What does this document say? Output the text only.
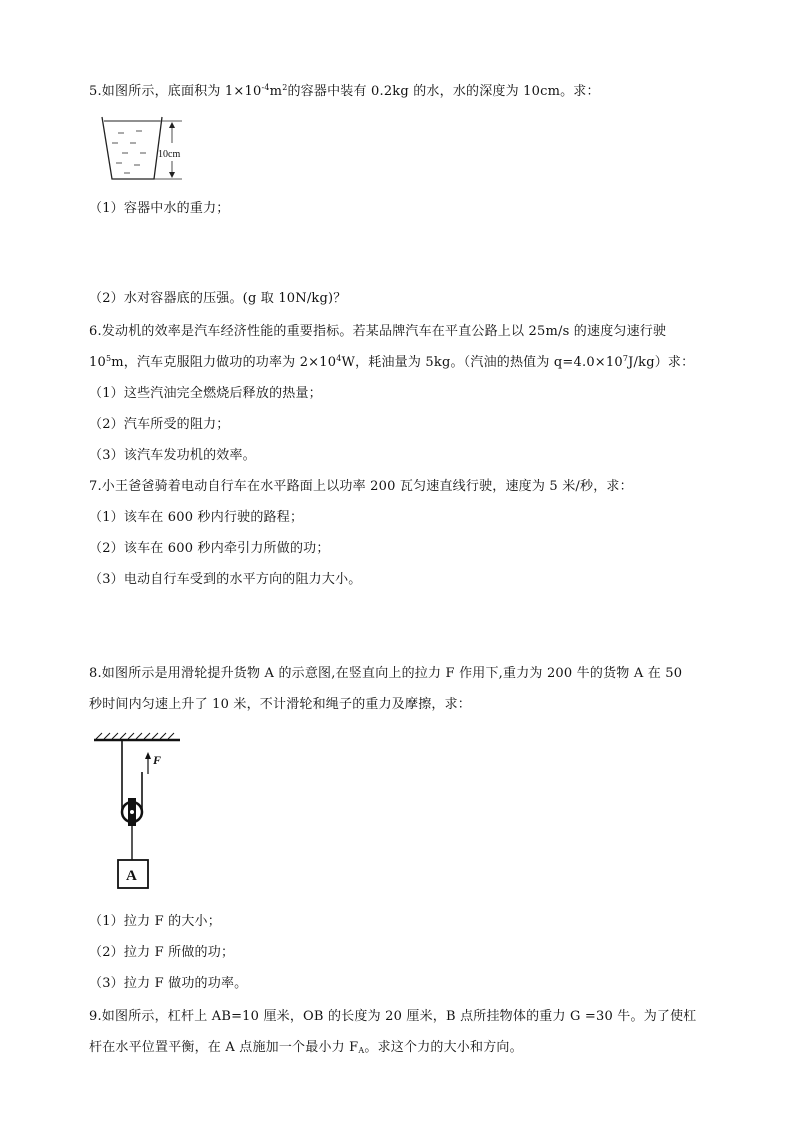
5.如图所示，底面积为 $1\times 10^{-4}m^2$的容器中装有 0.2kg 的水，水的深度为 10cm。求：
10cm
（1）容器中水的重力；
（2）水对容器底的压强。(g 取 10N/kg)？
6.发动机的效率是汽车经济性能的重要指标。若某品牌汽车在平直公路上以 25m/s 的速度匀速行驶
$10^5m$，汽车克服阻力做功的功率为 $2\times 10^4W$，耗油量为 5kg。（汽油的热值为 $q=4.0\times 10^7J/kg$）求：
（1）这些汽油完全燃烧后释放的热量；
（2）汽车所受的阻力；
（3）该汽车发功机的效率。
7.小王爸爸骑着电动自行车在水平路面上以功率 200 瓦匀速直线行驶，速度为 5 米/秒，求：
（1）该车在 600 秒内行驶的路程；
（2）该车在 600 秒内牵引力所做的功；
（3）电动自行车受到的水平方向的阻力大小。
8.如图所示是用滑轮提升货物 A 的示意图,在竖直向上的拉力 F 作用下,重力为 200 牛的货物 A 在 50
秒时间内匀速上升了 10 米，不计滑轮和绳子的重力及摩擦，求：
A
F
（1）拉力 F 的大小；
（2）拉力 F 所做的功；
（3）拉力 F 做功的功率。
9.如图所示，杠杆上 AB=10 厘米，OB 的长度为 20 厘米，B 点所挂物体的重力 G =30 牛。为了使杠
杆在水平位置平衡，在 A 点施加一个最小力 $F_A$。求这个力的大小和方向。
